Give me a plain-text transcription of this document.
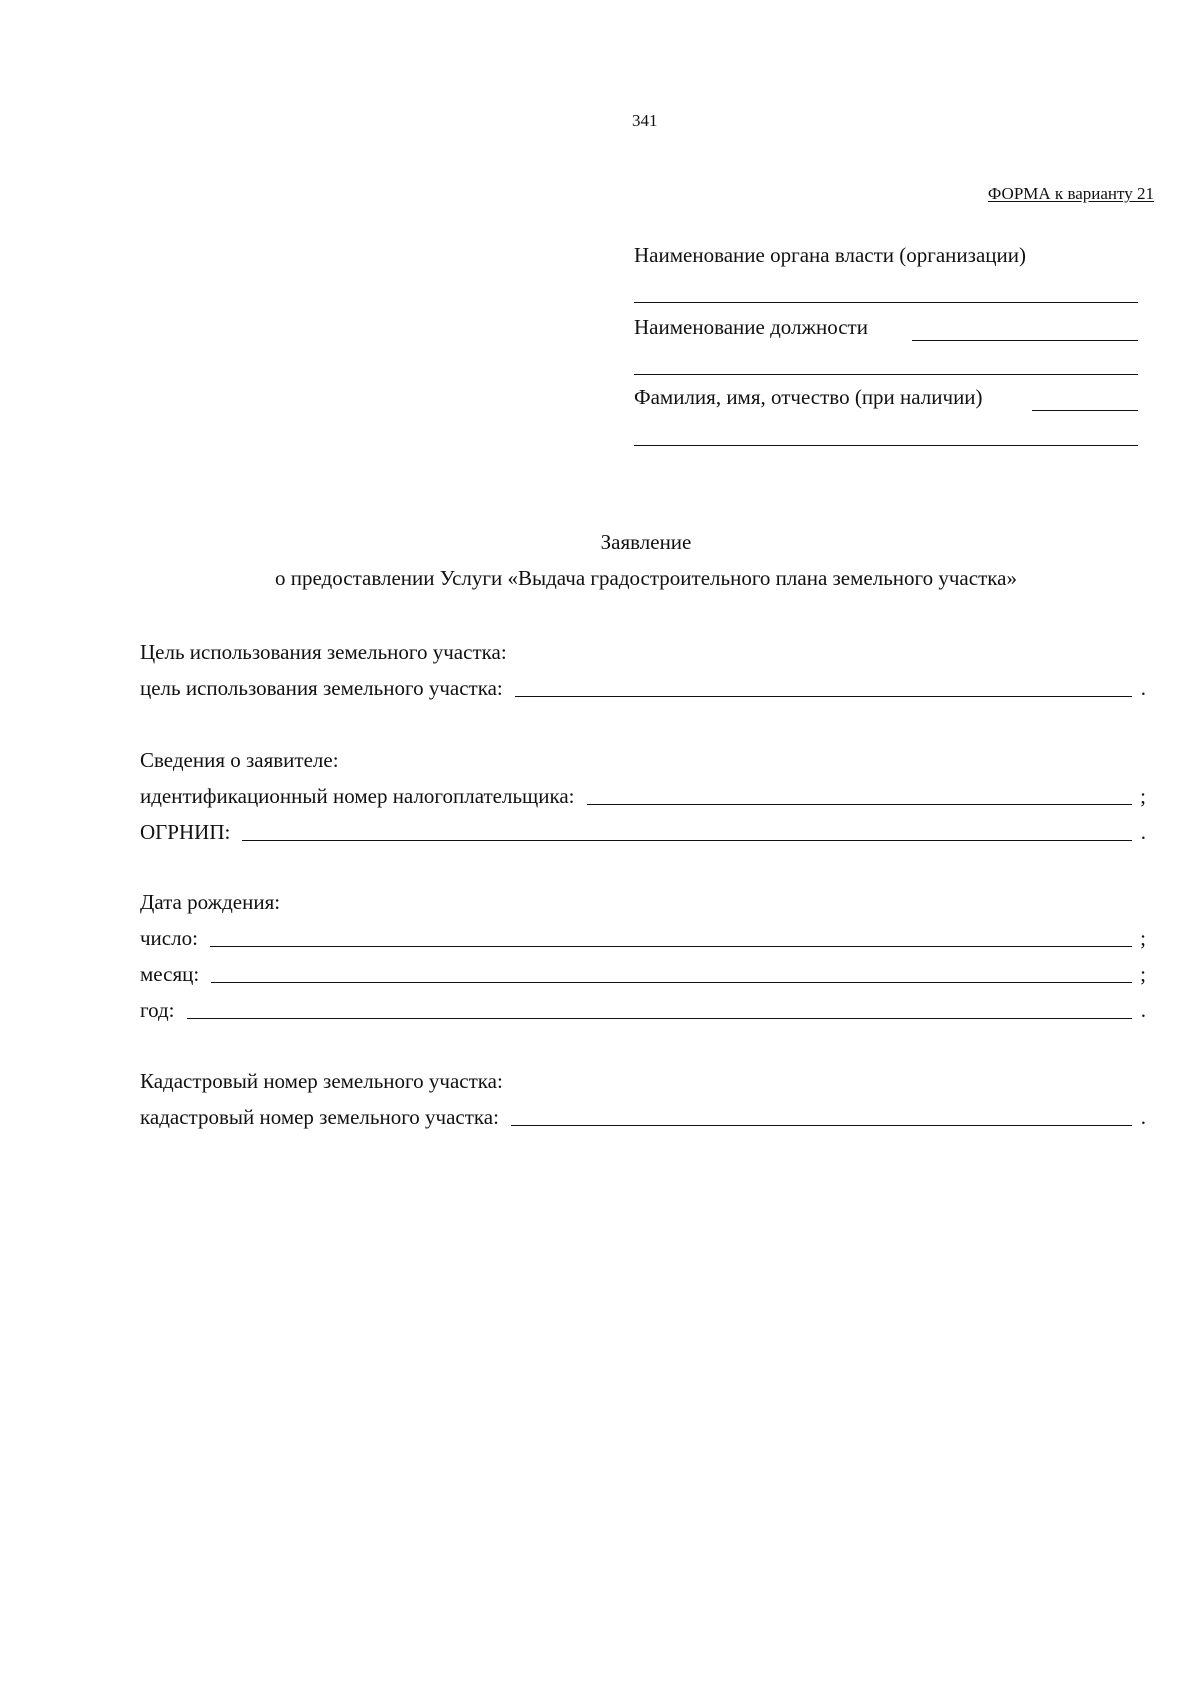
341
ФОРМА к варианту 21
Наименование органа власти (организации)
Наименование должности
Фамилия, имя, отчество (при наличии)
Заявление
о предоставлении Услуги «Выдача градостроительного плана земельного участка»
Цель использования земельного участка:
цель использования земельного участка:	.
Сведения о заявителе:
идентификационный номер налогоплательщика:	;
ОГРНИП:	.
Дата рождения:
число:	;
месяц:	;
год:	.
Кадастровый номер земельного участка:
кадастровый номер земельного участка:	.
